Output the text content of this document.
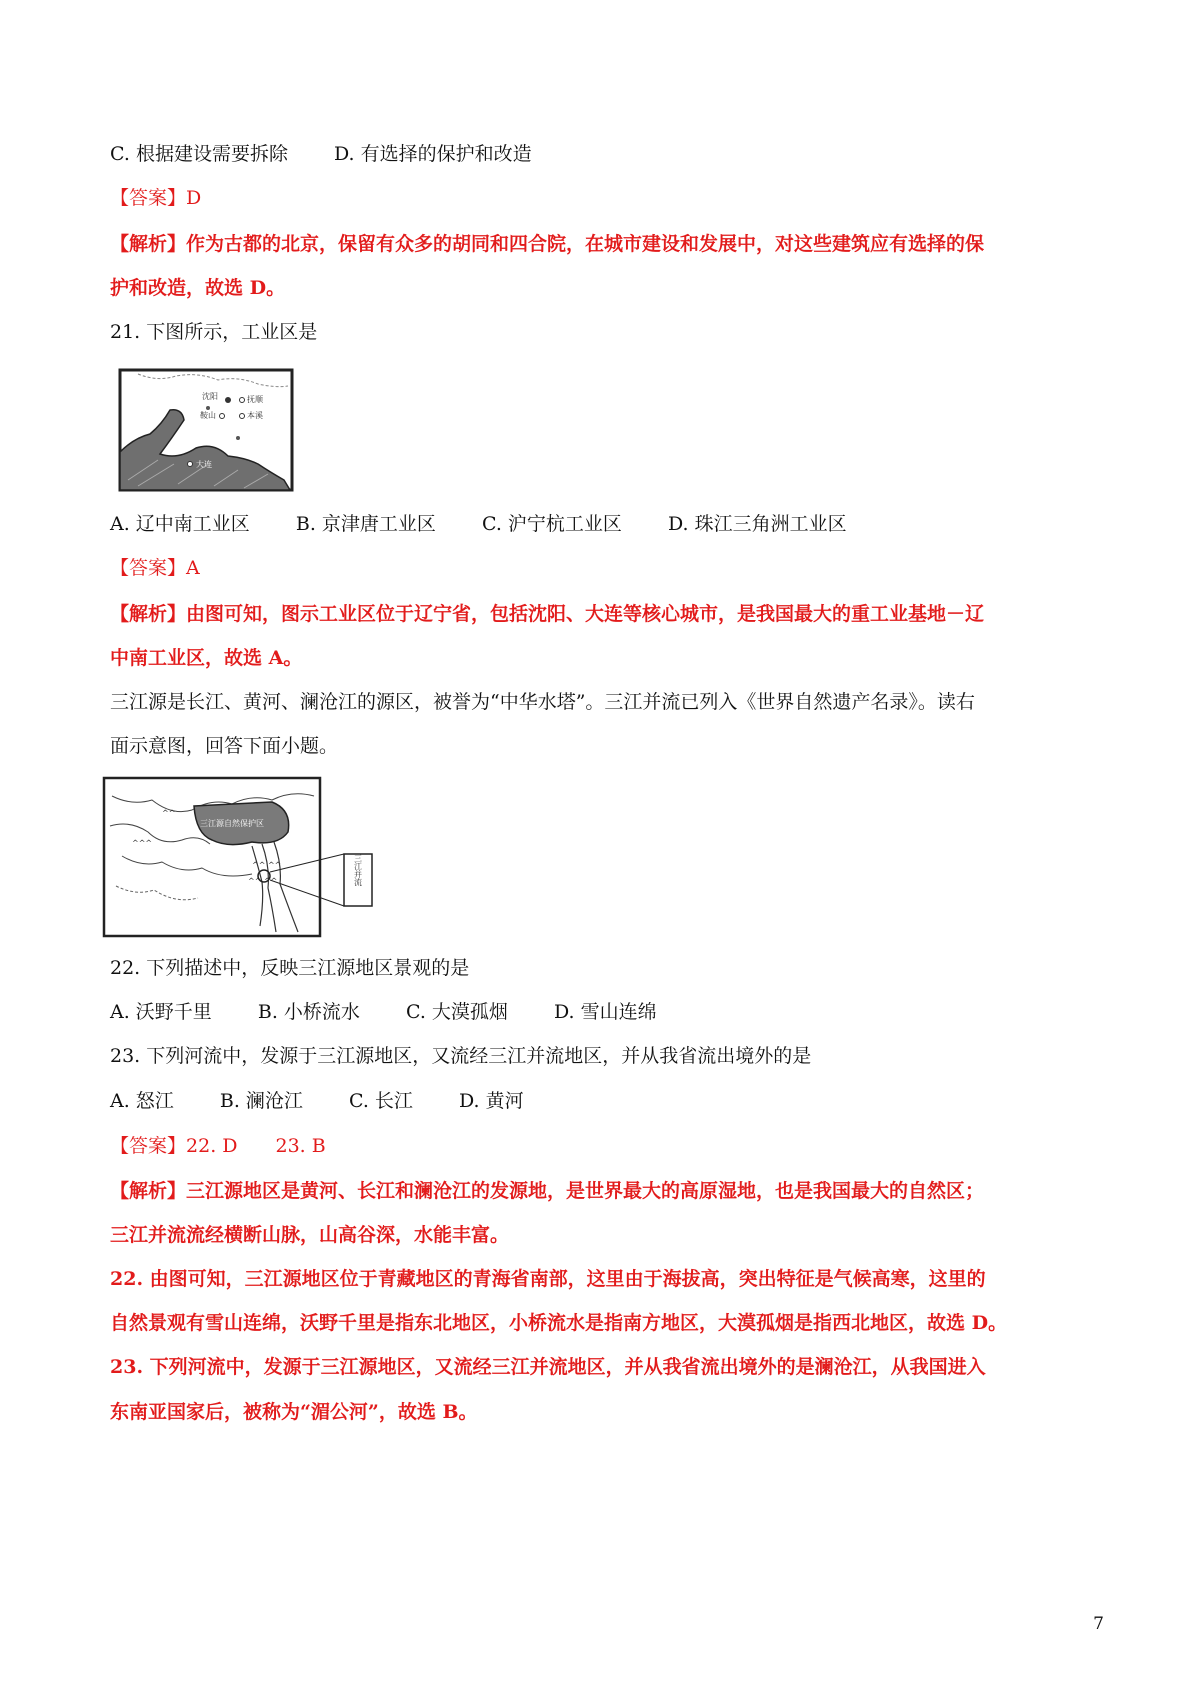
C. 根据建设需要拆除 D. 有选择的保护和改造
【答案】D
【解析】作为古都的北京，保留有众多的胡同和四合院，在城市建设和发展中，对这些建筑应有选择的保
护和改造，故选 D。
21. 下图所示，工业区是
沈阳	抚顺
鞍山	本溪
大连
A. 辽中南工业区 B. 京津唐工业区 C. 沪宁杭工业区 D. 珠江三角洲工业区
【答案】A
【解析】由图可知，图示工业区位于辽宁省，包括沈阳、大连等核心城市，是我国最大的重工业基地－辽
中南工业区，故选 A。
三江源是长江、黄河、澜沧江的源区，被誉为“中华水塔”。三江并流已列入《世界自然遗产名录》。读右
面示意图，回答下面小题。
三江源自然保护区
^^ ^^
^^ ^^
^^
^^^
三江并流
22. 下列描述中，反映三江源地区景观的是
A. 沃野千里 B. 小桥流水 C. 大漠孤烟 D. 雪山连绵
23. 下列河流中，发源于三江源地区，又流经三江并流地区，并从我省流出境外的是
A. 怒江 B. 澜沧江 C. 长江 D. 黄河
【答案】22. D　　23. B
【解析】三江源地区是黄河、长江和澜沧江的发源地，是世界最大的高原湿地，也是我国最大的自然区；
三江并流流经横断山脉，山高谷深，水能丰富。
22. 由图可知，三江源地区位于青藏地区的青海省南部，这里由于海拔高，突出特征是气候高寒，这里的
自然景观有雪山连绵，沃野千里是指东北地区，小桥流水是指南方地区，大漠孤烟是指西北地区，故选 D。
23. 下列河流中，发源于三江源地区，又流经三江并流地区，并从我省流出境外的是澜沧江，从我国进入
东南亚国家后，被称为“湄公河”，故选 B。
7
